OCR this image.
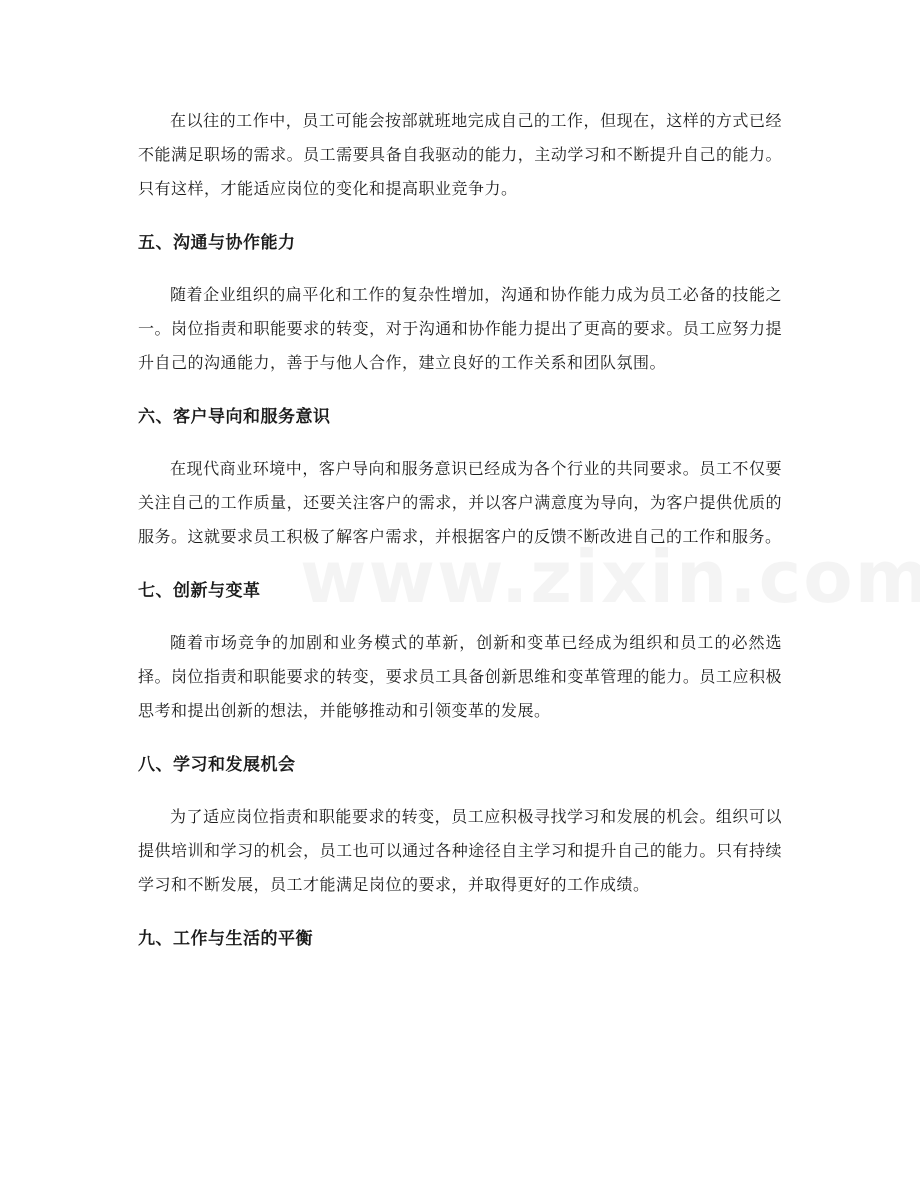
在以往的工作中，员工可能会按部就班地完成自己的工作，但现在，这样的方式已经不能满足职场的需求。员工需要具备自我驱动的能力，主动学习和不断提升自己的能力。只有这样，才能适应岗位的变化和提高职业竞争力。

五、沟通与协作能力

随着企业组织的扁平化和工作的复杂性增加，沟通和协作能力成为员工必备的技能之一。岗位指责和职能要求的转变，对于沟通和协作能力提出了更高的要求。员工应努力提升自己的沟通能力，善于与他人合作，建立良好的工作关系和团队氛围。

六、客户导向和服务意识

在现代商业环境中，客户导向和服务意识已经成为各个行业的共同要求。员工不仅要关注自己的工作质量，还要关注客户的需求，并以客户满意度为导向，为客户提供优质的服务。这就要求员工积极了解客户需求，并根据客户的反馈不断改进自己的工作和服务。

七、创新与变革

随着市场竞争的加剧和业务模式的革新，创新和变革已经成为组织和员工的必然选择。岗位指责和职能要求的转变，要求员工具备创新思维和变革管理的能力。员工应积极思考和提出创新的想法，并能够推动和引领变革的发展。

八、学习和发展机会

为了适应岗位指责和职能要求的转变，员工应积极寻找学习和发展的机会。组织可以提供培训和学习的机会，员工也可以通过各种途径自主学习和提升自己的能力。只有持续学习和不断发展，员工才能满足岗位的要求，并取得更好的工作成绩。

九、工作与生活的平衡
